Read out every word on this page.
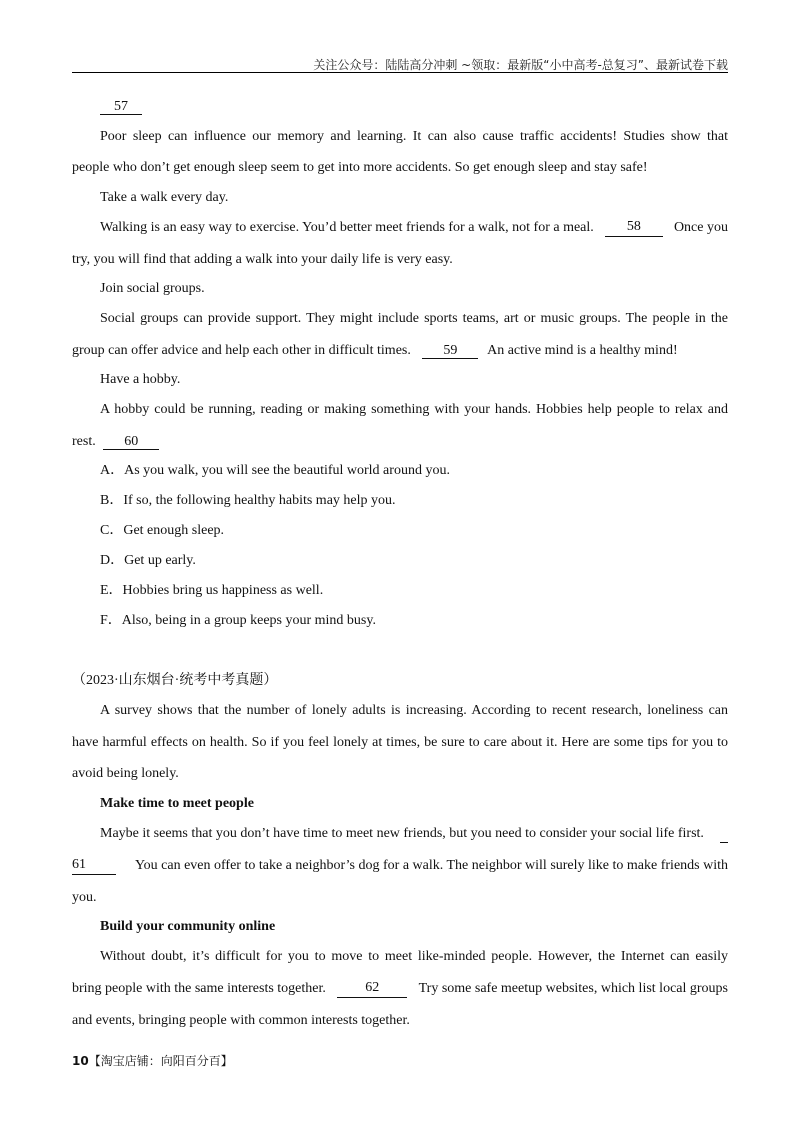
关注公众号：陆陆高分冲刺 ~领取：最新版“小中高考-总复习”、最新试卷下载
57
Poor sleep can influence our memory and learning. It can also cause traffic accidents! Studies show that
people who don’t get enough sleep seem to get into more accidents. So get enough sleep and stay safe!
Take a walk every day.
Walking is an easy way to exercise. You’d better meet friends for a walk, not for a meal.	58	Once you
try, you will find that adding a walk into your daily life is very easy.
Join social groups.
Social groups can provide support. They might include sports teams, art or music groups. The people in the
group can offer advice and help each other in difficult times. 59 An active mind is a healthy mind!
Have a hobby.
A hobby could be running, reading or making something with your hands. Hobbies help people to relax and
rest. 60
A．As you walk, you will see the beautiful world around you.
B．If so, the following healthy habits may help you.
C．Get enough sleep.
D．Get up early.
E．Hobbies bring us happiness as well.
F．Also, being in a group keeps your mind busy.
（2023·山东烟台·统考中考真题）
A survey shows that the number of lonely adults is increasing. According to recent research, loneliness can
have harmful effects on health. So if you feel lonely at times, be sure to care about it. Here are some tips for you to
avoid being lonely.
Make time to meet people
Maybe it seems that you don’t have time to meet new friends, but you need to consider your social life first.
61	You can even offer to take a neighbor’s dog for a walk. The neighbor will surely like to make friends with
you.
Build your community online
Without doubt, it’s difficult for you to move to meet like-minded people. However, the Internet can easily
bring people with the same interests together.	62	Try some safe meetup websites, which list local groups
and events, bringing people with common interests together.
10【淘宝店铺：向阳百分百】
